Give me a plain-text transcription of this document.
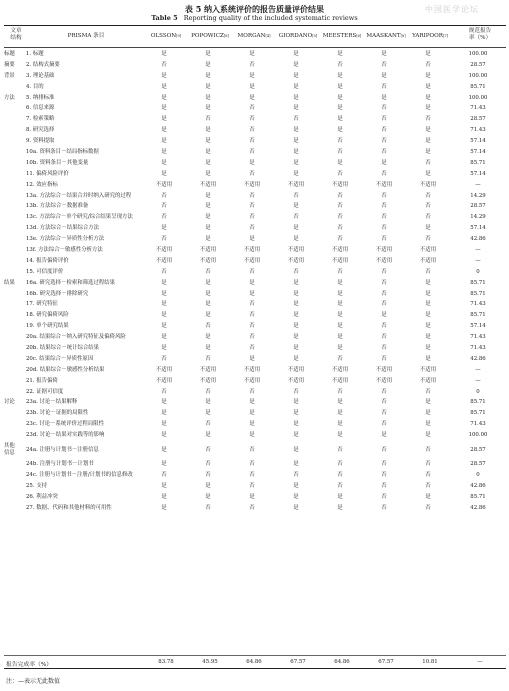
中国医学论坛
表 5 纳入系统评价的报告质量评价结果
Table 5 Reporting quality of the included systematic reviews
文章
结构	PRISMA 条目	OLSSON[9]	POPOWICZ[8]	MORGAN[4]	GIORDANO[5] MEESTERS[6] MAASKANT[8]	YARIPOOR[7]
规范报告
率（%）
标题	1. 标题	是	是	是	是	是	是	是	100.00
摘要	2. 结构式摘要	否	是	否	是	否	否	否	28.57
背景	3. 理论基础	是	是	是	是	是	是	是	100.00
	4. 目的	是	是	是	是	是	否	是	85.71
方法	5. 纳排标准	是	是	是	是	是	是	是	100.00
	6. 信息来源	是	是	否	是	是	否	是	71.43
	7. 检索策略	是	否	否	否	是	否	否	28.57
	8. 研究选择	是	是	否	是	是	否	是	71.43
	9. 资料提取	是	是	否	是	否	否	是	57.14
	10a. 资料条目－结局指标数据	是	是	否	是	否	否	是	57.14
	10b. 资料条目－其他变量	是	是	是	是	是	是	否	85.71
	11. 偏倚风险评价	是	是	否	是	否	否	是	57.14
	12. 效应指标	不适用	不适用	不适用	不适用	不适用	不适用	不适用	—
	13a. 方法综合－结果合并时纳入研究的过程	否	是	否	否	否	否	否	14.29
	13b. 方法综合－数据准备	否	是	否	是	否	否	否	28.57
	13c. 方法综合－单个研究/综合结果呈现方法	否	是	否	否	否	否	否	14.29
	13d. 方法综合－结果综合方法	是	是	否	是	否	否	是	57.14
	13e. 方法综合－异质性分析方法	否	是	是	是	否	否	否	42.86
	13f. 方法综合－敏感性分析方法	不适用	不适用	不适用	不适用	不适用	不适用	不适用	—
	14. 报告偏倚评价	不适用	不适用	不适用	不适用	不适用	不适用	不适用	—
	15. 可信度评价	否	否	否	否	否	否	否	0
结果	16a. 研究选择－检索和筛选过程结果	是	是	是	是	是	否	是	85.71
	16b. 研究选择－排除研究	是	是	是	是	是	否	是	85.71
	17. 研究特征	是	是	否	是	是	否	是	71.43
	18. 研究偏倚风险	是	是	否	是	是	是	是	85.71
	19. 单个研究结果	是	否	否	是	是	否	是	57.14
	20a. 结果综合－纳入研究特征及偏倚风险	是	是	否	是	是	否	是	71.43
	20b. 结果综合－统计综合结果	是	是	否	是	是	否	是	71.43
	20c. 结果综合－异质性原因	否	否	是	是	否	否	是	42.86
	20d. 结果综合－敏感性分析结果	不适用	不适用	不适用	不适用	不适用	不适用	不适用	—
	21. 报告偏倚	不适用	不适用	不适用	不适用	不适用	不适用	不适用	—
	22. 证据可信度	否	否	否	否	否	否	否	0
讨论	23a. 讨论－结果解释	是	是	是	是	是	否	是	85.71
	23b. 讨论－证据的局限性	是	是	是	是	是	否	是	85.71
	23c. 讨论－系统评价过程局限性	是	否	是	是	是	否	是	71.43
	23d. 讨论－结果对实践等的影响	是	是	是	是	是	是	是	100.00
其他
信息	24a. 注册与计划书－注册信息	是	否	否	是	否	否	否	28.57
	24b. 注册与计划书－计划书	是	否	否	是	否	否	否	28.57
	24c. 注册与计划书－注册/计划书的信息修改	否	否	否	否	否	否	否	0
	25. 支持	是	是	否	是	否	否	否	42.86
	26. 利益冲突	是	是	是	是	是	否	是	85.71
	27. 数据、代码和其他材料的可用性	是	否	否	是	是	否	否	42.86
报告完成率（%）	83.78	45.95	64.86	67.57	64.86	67.57	10.81	—
注：—表示无此数值
